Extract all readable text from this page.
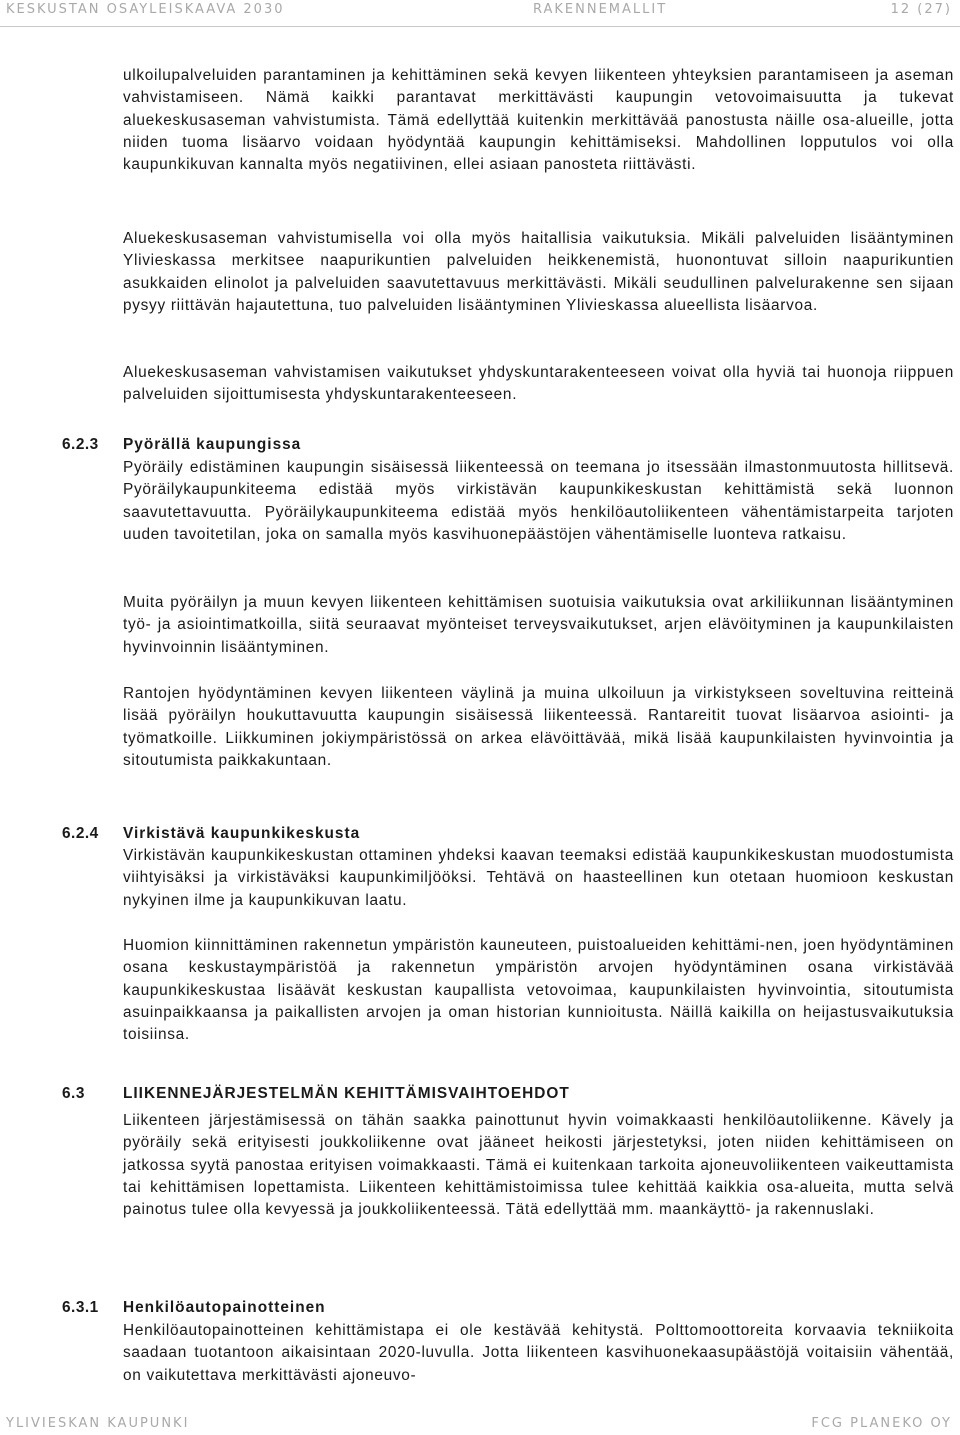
KESKUSTAN OSAYLEISKAAVA 2030	RAKENNEMALLIT	12 (27)

ulkoilupalveluiden parantaminen ja kehittäminen sekä kevyen liikenteen yhteyksien parantamiseen ja aseman vahvistamiseen. Nämä kaikki parantavat merkittävästi kaupungin vetovoimaisuutta ja tukevat aluekeskusaseman vahvistumista. Tämä edellyttää kuitenkin merkittävää panostusta näille osa-alueille, jotta niiden tuoma lisäarvo voidaan hyödyntää kaupungin kehittämiseksi. Mahdollinen lopputulos voi olla kaupunkikuvan kannalta myös negatiivinen, ellei asiaan panosteta riittävästi.

Aluekeskusaseman vahvistumisella voi olla myös haitallisia vaikutuksia. Mikäli palveluiden lisääntyminen Ylivieskassa merkitsee naapurikuntien palveluiden heikkenemistä, huonontuvat silloin naapurikuntien asukkaiden elinolot ja palveluiden saavutettavuus merkittävästi. Mikäli seudullinen palvelurakenne sen sijaan pysyy riittävän hajautettuna, tuo palveluiden lisääntyminen Ylivieskassa alueellista lisäarvoa.

Aluekeskusaseman vahvistamisen vaikutukset yhdyskuntarakenteeseen voivat olla hyviä tai huonoja riippuen palveluiden sijoittumisesta yhdyskuntarakenteeseen.

6.2.3 Pyörällä kaupungissa

Pyöräily edistäminen kaupungin sisäisessä liikenteessä on teemana jo itsessään ilmastonmuutosta hillitsevä. Pyöräilykaupunkiteema edistää myös virkistävän kaupunkikeskustan kehittämistä sekä luonnon saavutettavuutta. Pyöräilykaupunkiteema edistää myös henkilöautoliikenteen vähentämistarpeita tarjoten uuden tavoitetilan, joka on samalla myös kasvihuonepäästöjen vähentämiselle luonteva ratkaisu.

Muita pyöräilyn ja muun kevyen liikenteen kehittämisen suotuisia vaikutuksia ovat arkiliikunnan lisääntyminen työ- ja asiointimatkoilla, siitä seuraavat myönteiset terveysvaikutukset, arjen elävöityminen ja kaupunkilaisten hyvinvoinnin lisääntyminen.

Rantojen hyödyntäminen kevyen liikenteen väylinä ja muina ulkoiluun ja virkistykseen soveltuvina reitteinä lisää pyöräilyn houkuttavuutta kaupungin sisäisessä liikenteessä. Rantareitit tuovat lisäarvoa asiointi- ja työmatkoille. Liikkuminen jokiympäristössä on arkea elävöittävää, mikä lisää kaupunkilaisten hyvinvointia ja sitoutumista paikkakuntaan.

6.2.4 Virkistävä kaupunkikeskusta

Virkistävän kaupunkikeskustan ottaminen yhdeksi kaavan teemaksi edistää kaupunkikeskustan muodostumista viihtyisäksi ja virkistäväksi kaupunkimiljööksi. Tehtävä on haasteellinen kun otetaan huomioon keskustan nykyinen ilme ja kaupunkikuvan laatu.

Huomion kiinnittäminen rakennetun ympäristön kauneuteen, puistoalueiden kehittämi-nen, joen hyödyntäminen osana keskustaympäristöä ja rakennetun ympäristön arvojen hyödyntäminen osana virkistävää kaupunkikeskustaa lisäävät keskustan kaupallista vetovoimaa, kaupunkilaisten hyvinvointia, sitoutumista asuinpaikkaansa ja paikallisten arvojen ja oman historian kunnioitusta. Näillä kaikilla on heijastusvaikutuksia toisiinsa.

6.3 LIIKENNEJÄRJESTELMÄN KEHITTÄMISVAIHTOEHDOT

Liikenteen järjestämisessä on tähän saakka painottunut hyvin voimakkaasti henkilöautoliikenne. Kävely ja pyöräily sekä erityisesti joukkoliikenne ovat jääneet heikosti järjestetyksi, joten niiden kehittämiseen on jatkossa syytä panostaa erityisen voimakkaasti. Tämä ei kuitenkaan tarkoita ajoneuvoliikenteen vaikeuttamista tai kehittämisen lopettamista. Liikenteen kehittämistoimissa tulee kehittää kaikkia osa-alueita, mutta selvä painotus tulee olla kevyessä ja joukkoliikenteessä. Tätä edellyttää mm. maankäyttö- ja rakennuslaki.

6.3.1 Henkilöautopainotteinen

Henkilöautopainotteinen kehittämistapa ei ole kestävää kehitystä. Polttomoottoreita korvaavia tekniikoita saadaan tuotantoon aikaisintaan 2020-luvulla. Jotta liikenteen kasvihuonekaasupäästöjä voitaisiin vähentää, on vaikutettava merkittävästi ajoneuvo-

YLIVIESKAN KAUPUNKI	FCG PLANEKO OY
